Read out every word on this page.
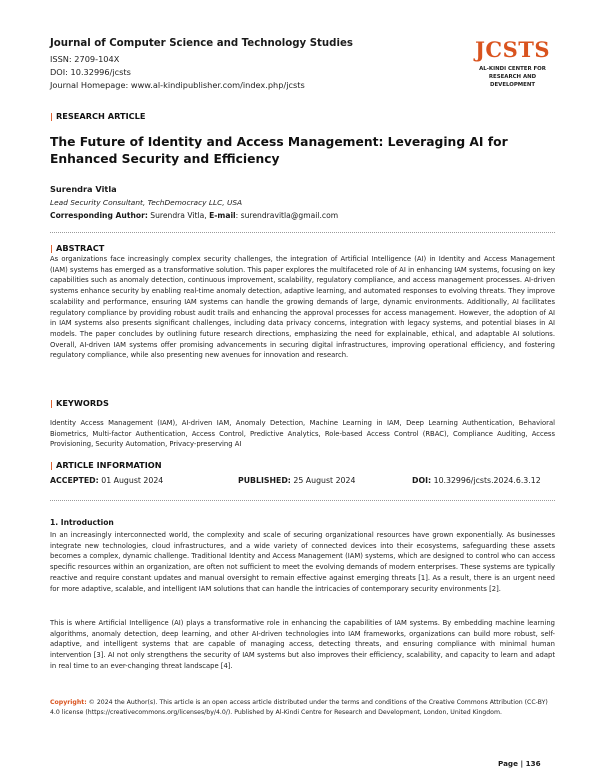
Journal of Computer Science and Technology Studies
ISSN: 2709-104X
DOI: 10.32996/jcsts
Journal Homepage: www.al-kindipublisher.com/index.php/jcsts
JCSTS
AL-KINDI CENTER FOR RESEARCH AND DEVELOPMENT
| RESEARCH ARTICLE
The Future of Identity and Access Management: Leveraging AI for Enhanced Security and Efficiency
Surendra Vitla
Lead Security Consultant, TechDemocracy LLC, USA
Corresponding Author: Surendra Vitla, E-mail: surendravitla@gmail.com
| ABSTRACT
As organizations face increasingly complex security challenges, the integration of Artificial Intelligence (AI) in Identity and Access Management (IAM) systems has emerged as a transformative solution. This paper explores the multifaceted role of AI in enhancing IAM systems, focusing on key capabilities such as anomaly detection, continuous improvement, scalability, regulatory compliance, and access management processes. AI-driven systems enhance security by enabling real-time anomaly detection, adaptive learning, and automated responses to evolving threats. They improve scalability and performance, ensuring IAM systems can handle the growing demands of large, dynamic environments. Additionally, AI facilitates regulatory compliance by providing robust audit trails and enhancing the approval processes for access management. However, the adoption of AI in IAM systems also presents significant challenges, including data privacy concerns, integration with legacy systems, and potential biases in AI models. The paper concludes by outlining future research directions, emphasizing the need for explainable, ethical, and adaptable AI solutions. Overall, AI-driven IAM systems offer promising advancements in securing digital infrastructures, improving operational efficiency, and fostering regulatory compliance, while also presenting new avenues for innovation and research.
| KEYWORDS
Identity Access Management (IAM), AI-driven IAM, Anomaly Detection, Machine Learning in IAM, Deep Learning Authentication, Behavioral Biometrics, Multi-factor Authentication, Access Control, Predictive Analytics, Role-based Access Control (RBAC), Compliance Auditing, Access Provisioning, Security Automation, Privacy-preserving AI
| ARTICLE INFORMATION
ACCEPTED: 01 August 2024	PUBLISHED: 25 August 2024	DOI: 10.32996/jcsts.2024.6.3.12
1. Introduction
In an increasingly interconnected world, the complexity and scale of securing organizational resources have grown exponentially. As businesses integrate new technologies, cloud infrastructures, and a wide variety of connected devices into their ecosystems, safeguarding these assets becomes a complex, dynamic challenge. Traditional Identity and Access Management (IAM) systems, which are designed to control who can access specific resources within an organization, are often not sufficient to meet the evolving demands of modern enterprises. These systems are typically reactive and require constant updates and manual oversight to remain effective against emerging threats [1]. As a result, there is an urgent need for more adaptive, scalable, and intelligent IAM solutions that can handle the intricacies of contemporary security environments [2].
This is where Artificial Intelligence (AI) plays a transformative role in enhancing the capabilities of IAM systems. By embedding machine learning algorithms, anomaly detection, deep learning, and other AI-driven technologies into IAM frameworks, organizations can build more robust, self-adaptive, and intelligent systems that are capable of managing access, detecting threats, and ensuring compliance with minimal human intervention [3]. AI not only strengthens the security of IAM systems but also improves their efficiency, scalability, and capacity to learn and adapt in real time to an ever-changing threat landscape [4].
Copyright: © 2024 the Author(s). This article is an open access article distributed under the terms and conditions of the Creative Commons Attribution (CC-BY) 4.0 license (https://creativecommons.org/licenses/by/4.0/). Published by Al-Kindi Centre for Research and Development, London, United Kingdom.
Page | 136
